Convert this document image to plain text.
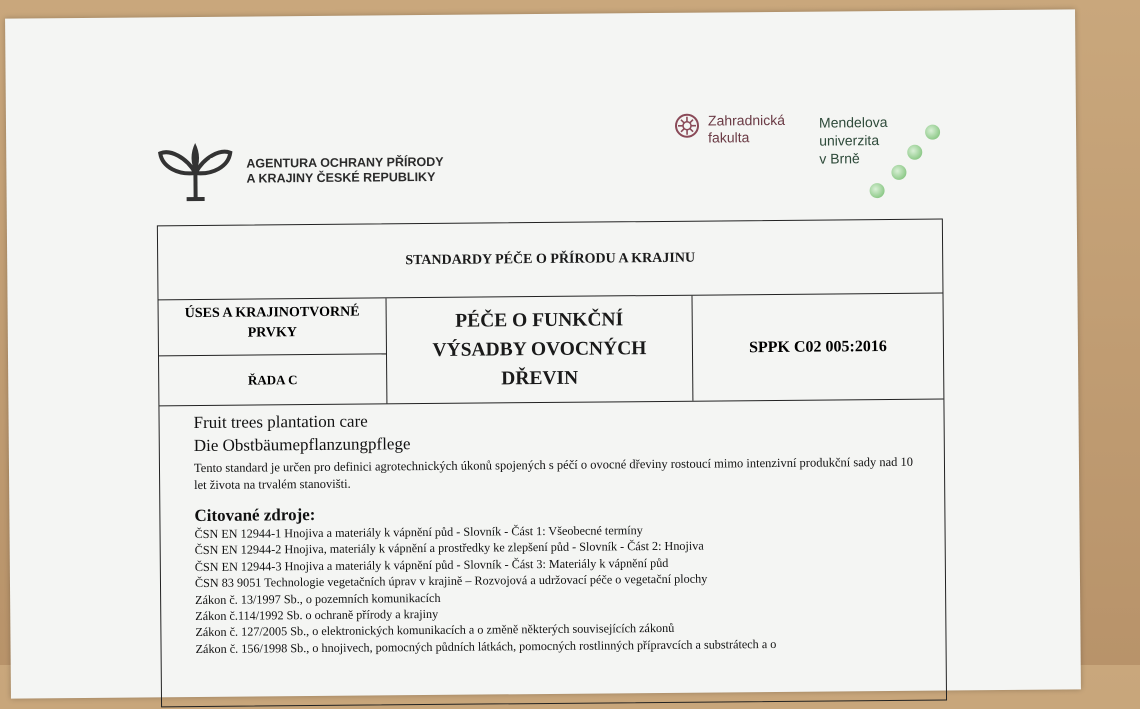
AGENTURA OCHRANY PŘÍRODY
A KRAJINY ČESKÉ REPUBLIKY
Zahradnická
fakulta
Mendelova
univerzita
v Brně
STANDARDY PÉČE O PŘÍRODU A KRAJINU
ÚSES A KRAJINOTVORNÉ PRVKY
ŘADA C
PÉČE O FUNKČNÍ
VÝSADBY OVOCNÝCH
DŘEVIN
SPPK C02 005:2016
Fruit trees plantation care
Die Obstbäumepflanzungpflege
Tento standard je určen pro definici agrotechnických úkonů spojených s péčí o ovocné dřeviny rostoucí mimo intenzivní produkční sady nad 10 let života na trvalém stanovišti.
Citované zdroje:
ČSN EN 12944-1 Hnojiva a materiály k vápnění půd - Slovník - Část 1: Všeobecné termíny
ČSN EN 12944-2 Hnojiva, materiály k vápnění a prostředky ke zlepšení půd - Slovník - Část 2: Hnojiva
ČSN EN 12944-3 Hnojiva a materiály k vápnění půd - Slovník - Část 3: Materiály k vápnění půd
ČSN 83 9051 Technologie vegetačních úprav v krajině – Rozvojová a udržovací péče o vegetační plochy
Zákon č. 13/1997 Sb., o pozemních komunikacích
Zákon č.114/1992 Sb. o ochraně přírody a krajiny
Zákon č. 127/2005 Sb., o elektronických komunikacích a o změně některých souvisejících zákonů
Zákon č. 156/1998 Sb., o hnojivech, pomocných půdních látkách, pomocných rostlinných přípravcích a substrátech a o
